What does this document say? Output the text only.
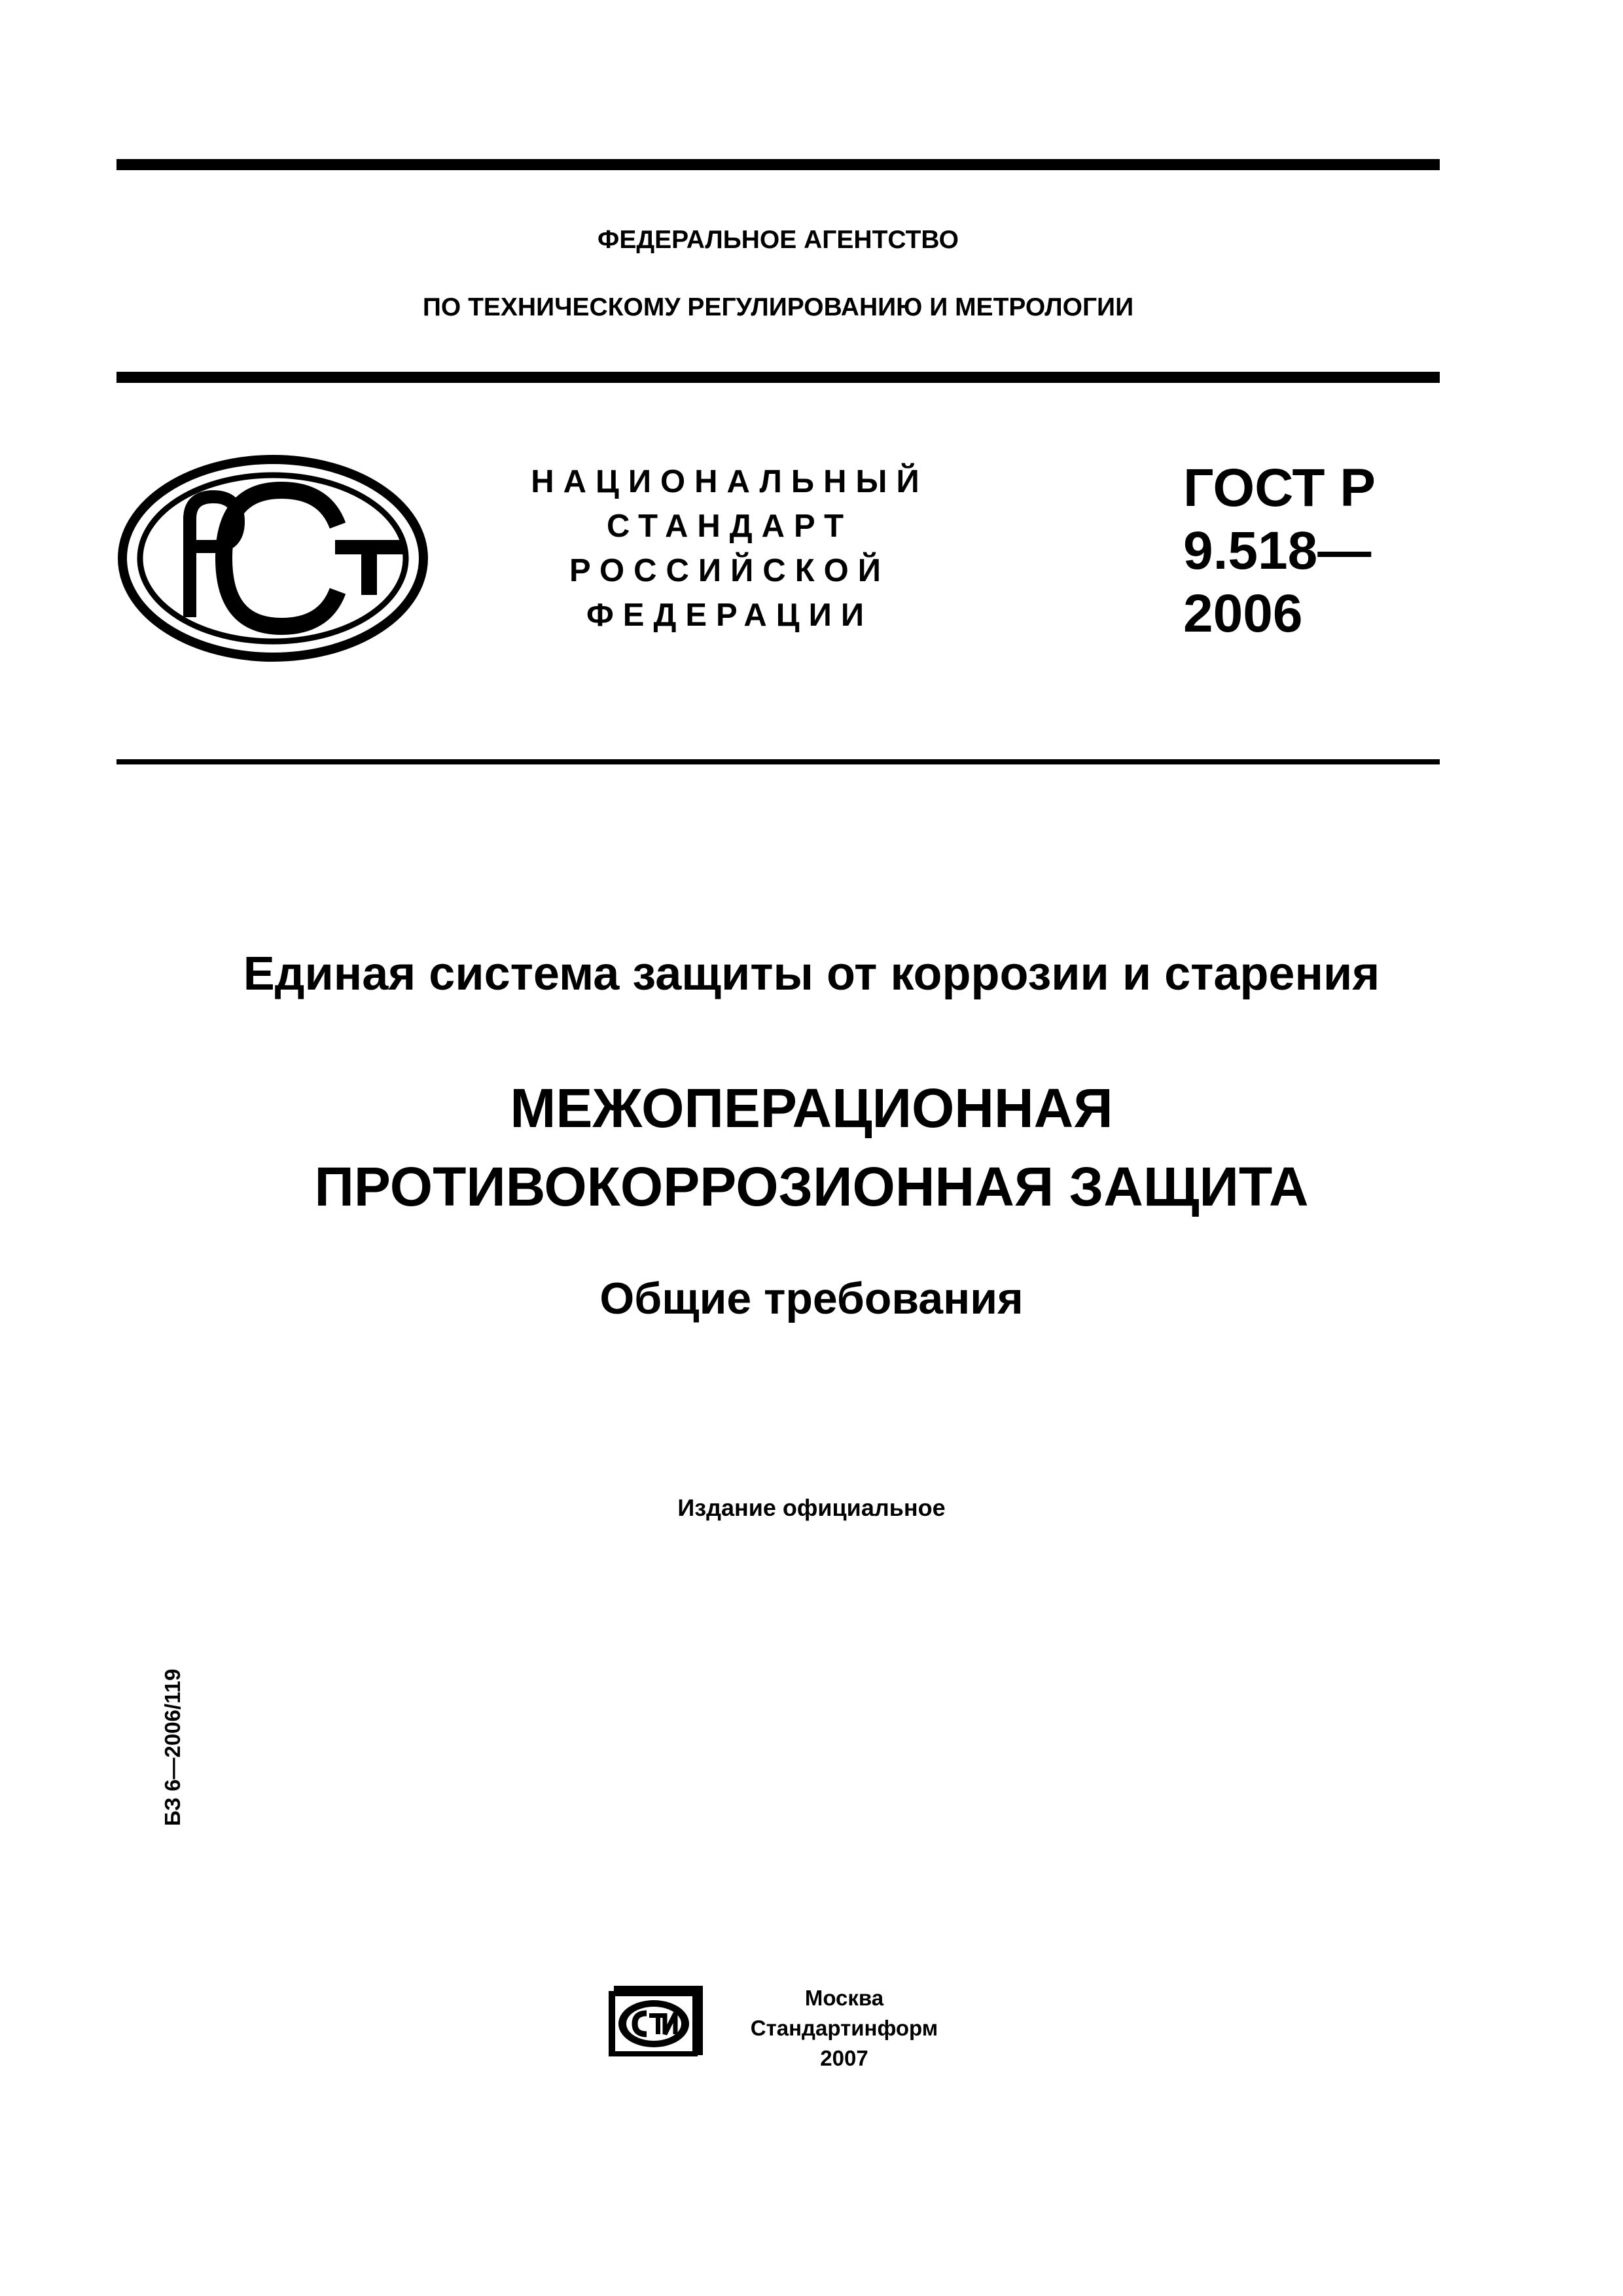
ФЕДЕРАЛЬНОЕ АГЕНТСТВО
ПО ТЕХНИЧЕСКОМУ РЕГУЛИРОВАНИЮ И МЕТРОЛОГИИ
НАЦИОНАЛЬНЫЙ
СТАНДАРТ
РОССИЙСКОЙ
ФЕДЕРАЦИИ
ГОСТ Р
9.518—
2006
Единая система защиты от коррозии и старения
МЕЖОПЕРАЦИОННАЯ
ПРОТИВОКОРРОЗИОННАЯ ЗАЩИТА
Общие требования
Издание официальное
БЗ 6—2006/119
Москва
Стандартинформ
2007
